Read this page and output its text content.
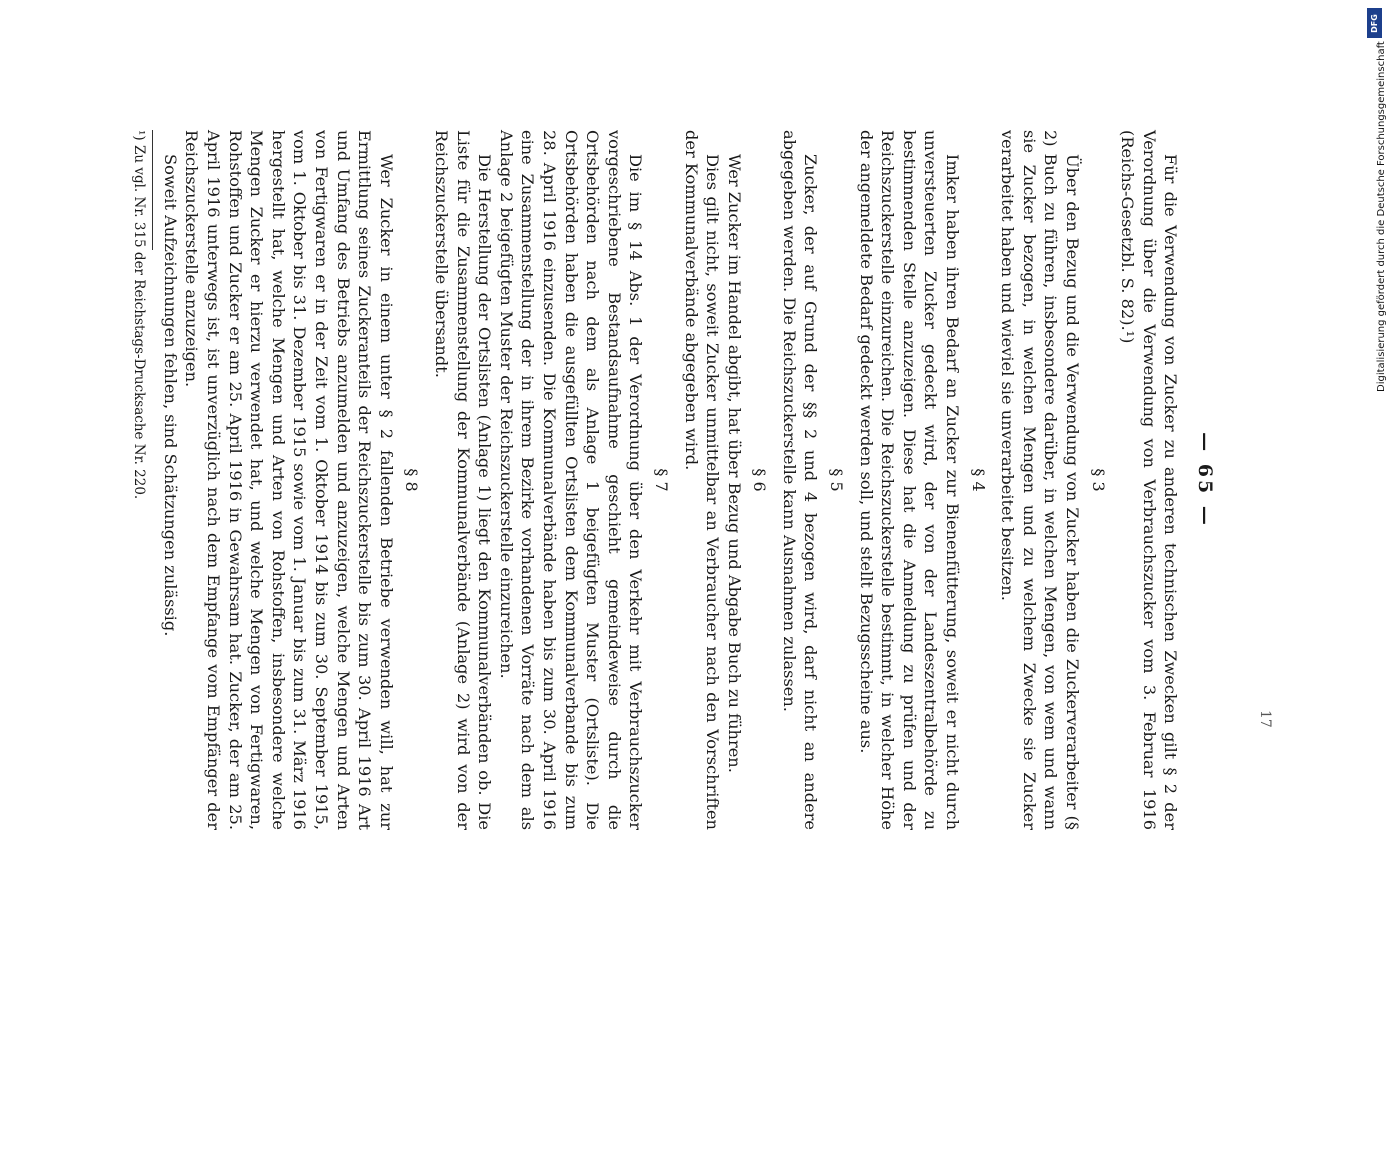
— 65 —

Für die Verwendung von Zucker zu anderen technischen Zwecken gilt § 2 der Verordnung über die Verwendung von Verbrauchszucker vom 3. Februar 1916 (Reichs-Gesetzbl. S. 82).¹)

§ 3

Über den Bezug und die Verwendung von Zucker haben die Zuckerverarbeiter (§ 2) Buch zu führen, insbesondere darüber, in welchen Mengen, von wem und wann sie Zucker bezogen, in welchen Mengen und zu welchem Zwecke sie Zucker verarbeitet haben und wieviel sie unverarbeitet besitzen.

§ 4

Imker haben ihren Bedarf an Zucker zur Bienenfütterung, soweit er nicht durch unversteuerten Zucker gedeckt wird, der von der Landeszentralbehörde zu bestimmenden Stelle anzuzeigen. Diese hat die Anmeldung zu prüfen und der Reichszuckerstelle einzureichen. Die Reichszuckerstelle bestimmt, in welcher Höhe der angemeldete Bedarf gedeckt werden soll, und stellt Bezugsscheine aus.

§ 5

Zucker, der auf Grund der §§ 2 und 4 bezogen wird, darf nicht an andere abgegeben werden. Die Reichszuckerstelle kann Ausnahmen zulassen.

§ 6

Wer Zucker im Handel abgibt, hat über Bezug und Abgabe Buch zu führen.

Dies gilt nicht, soweit Zucker unmittelbar an Verbraucher nach den Vorschriften der Kommunalverbände abgegeben wird.

§ 7

Die im § 14 Abs. 1 der Verordnung über den Verkehr mit Verbrauchszucker vorgeschriebene Bestandsaufnahme geschieht gemeindeweise durch die Ortsbehörden nach dem als Anlage 1 beigefügten Muster (Ortsliste). Die Ortsbehörden haben die ausgefüllten Ortslisten dem Kommunalverbande bis zum 28. April 1916 einzusenden. Die Kommunalverbände haben bis zum 30. April 1916 eine Zusammenstellung der in ihrem Bezirke vorhandenen Vorräte nach dem als Anlage 2 beigefügten Muster der Reichszuckerstelle einzureichen.

Die Herstellung der Ortslisten (Anlage 1) liegt den Kommunalverbänden ob. Die Liste für die Zusammenstellung der Kommunalverbände (Anlage 2) wird von der Reichszuckerstelle übersandt.

§ 8

Wer Zucker in einem unter § 2 fallenden Betriebe verwenden will, hat zur Ermittlung seines Zuckeranteils der Reichszuckerstelle bis zum 30. April 1916 Art und Umfang des Betriebs anzumelden und anzuzeigen, welche Mengen und Arten von Fertigwaren er in der Zeit vom 1. Oktober 1914 bis zum 30. September 1915, vom 1. Oktober bis 31. Dezember 1915 sowie vom 1. Januar bis zum 31. März 1916 hergestellt hat, welche Mengen und Arten von Rohstoffen, insbesondere welche Mengen Zucker er hierzu verwendet hat, und welche Mengen von Fertigwaren, Rohstoffen und Zucker er am 25. April 1916 in Gewahrsam hat. Zucker, der am 25. April 1916 unterwegs ist, ist unverzüglich nach dem Empfange vom Empfänger der Reichszuckerstelle anzuzeigen.

Soweit Aufzeichnungen fehlen, sind Schätzungen zulässig.

¹) Zu vgl. Nr. 315 der Reichstags-Drucksache Nr. 220.
17
DFG
Digitalisierung gefördert durch die Deutsche Forschungsgemeinschaft
